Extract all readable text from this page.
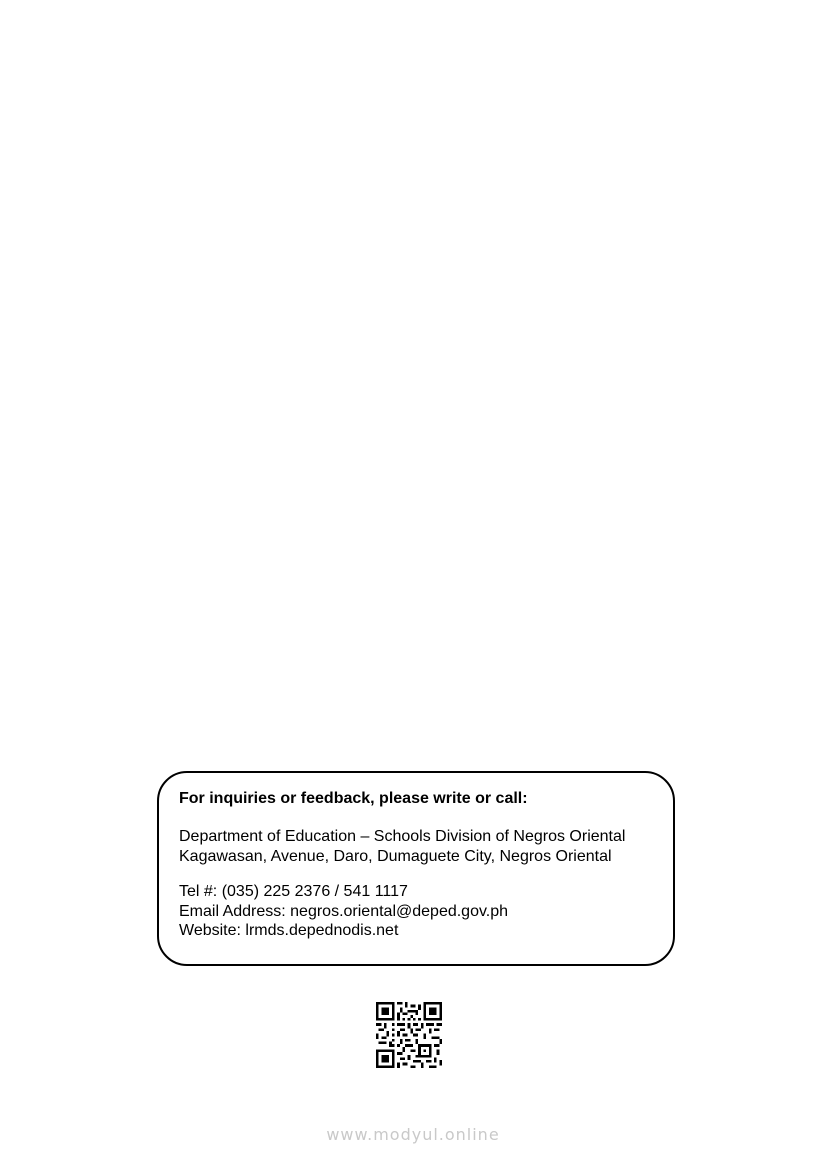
For inquiries or feedback, please write or call:

Department of Education – Schools Division of Negros Oriental
Kagawasan, Avenue, Daro, Dumaguete City, Negros Oriental

Tel #: (035) 225 2376 / 541 1117
Email Address: negros.oriental@deped.gov.ph
Website: lrmds.depednodis.net

www.modyul.online
